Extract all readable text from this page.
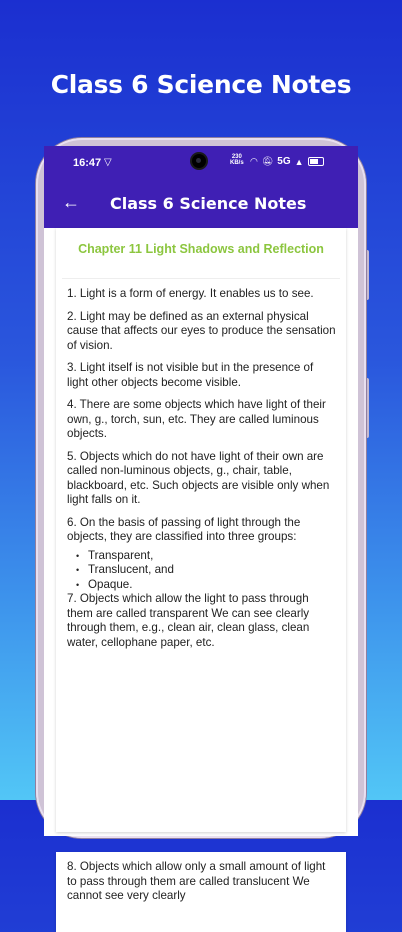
Class 6 Science Notes
16:47 ▽	230
KB/s ◠ 🔕︎ 5G ▲
← Class 6 Science Notes
Chapter 11 Light Shadows and Reflection
1. Light is a form of energy. It enables us to see.
2. Light may be defined as an external physical cause that affects our eyes to produce the sensation of vision.
3. Light itself is not visible but in the presence of light other objects become visible.
4. There are some objects which have light of their own, g., torch, sun, etc. They are called luminous objects.
5. Objects which do not have light of their own are called non-luminous objects, g., chair, table, blackboard, etc. Such objects are visible only when light falls on it.
6. On the basis of passing of light through the objects, they are classified into three groups:
• Transparent,
• Translucent, and
• Opaque.
7. Objects which allow the light to pass through them are called transparent We can see clearly through them, e.g., clean air, clean glass, clean water, cellophane paper, etc.
8. Objects which allow only a small amount of light to pass through them are called translucent We cannot see very clearly
